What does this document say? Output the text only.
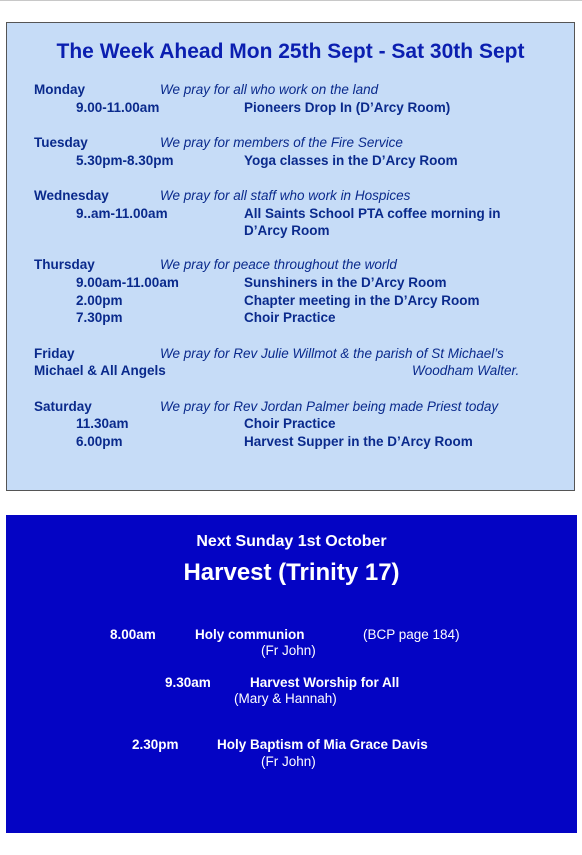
The Week Ahead Mon 25th Sept - Sat 30th Sept
Monday	We pray for all who work on the land
9.00-11.00am	Pioneers Drop In (D’Arcy Room)
Tuesday	We pray for members of the Fire Service
5.30pm-8.30pm	Yoga classes in the D’Arcy Room
Wednesday	We pray for all staff who work in Hospices
9..am-11.00am	All Saints School PTA coffee morning in
D’Arcy Room
Thursday	We pray for peace throughout the world
9.00am-11.00am	Sunshiners in the D’Arcy Room
2.00pm	Chapter meeting in the D’Arcy Room
7.30pm	Choir Practice
Friday	We pray for Rev Julie Willmot & the parish of St Michael’s
Michael & All Angels	Woodham Walter.
Saturday	We pray for Rev Jordan Palmer being made Priest today
11.30am	Choir Practice
6.00pm	Harvest Supper in the D’Arcy Room
Next Sunday 1st October
Harvest (Trinity 17)
8.00am	Holy communion	(BCP page 184)
(Fr John)
9.30am	Harvest Worship for All
(Mary & Hannah)
2.30pm	Holy Baptism of Mia Grace Davis
(Fr John)
